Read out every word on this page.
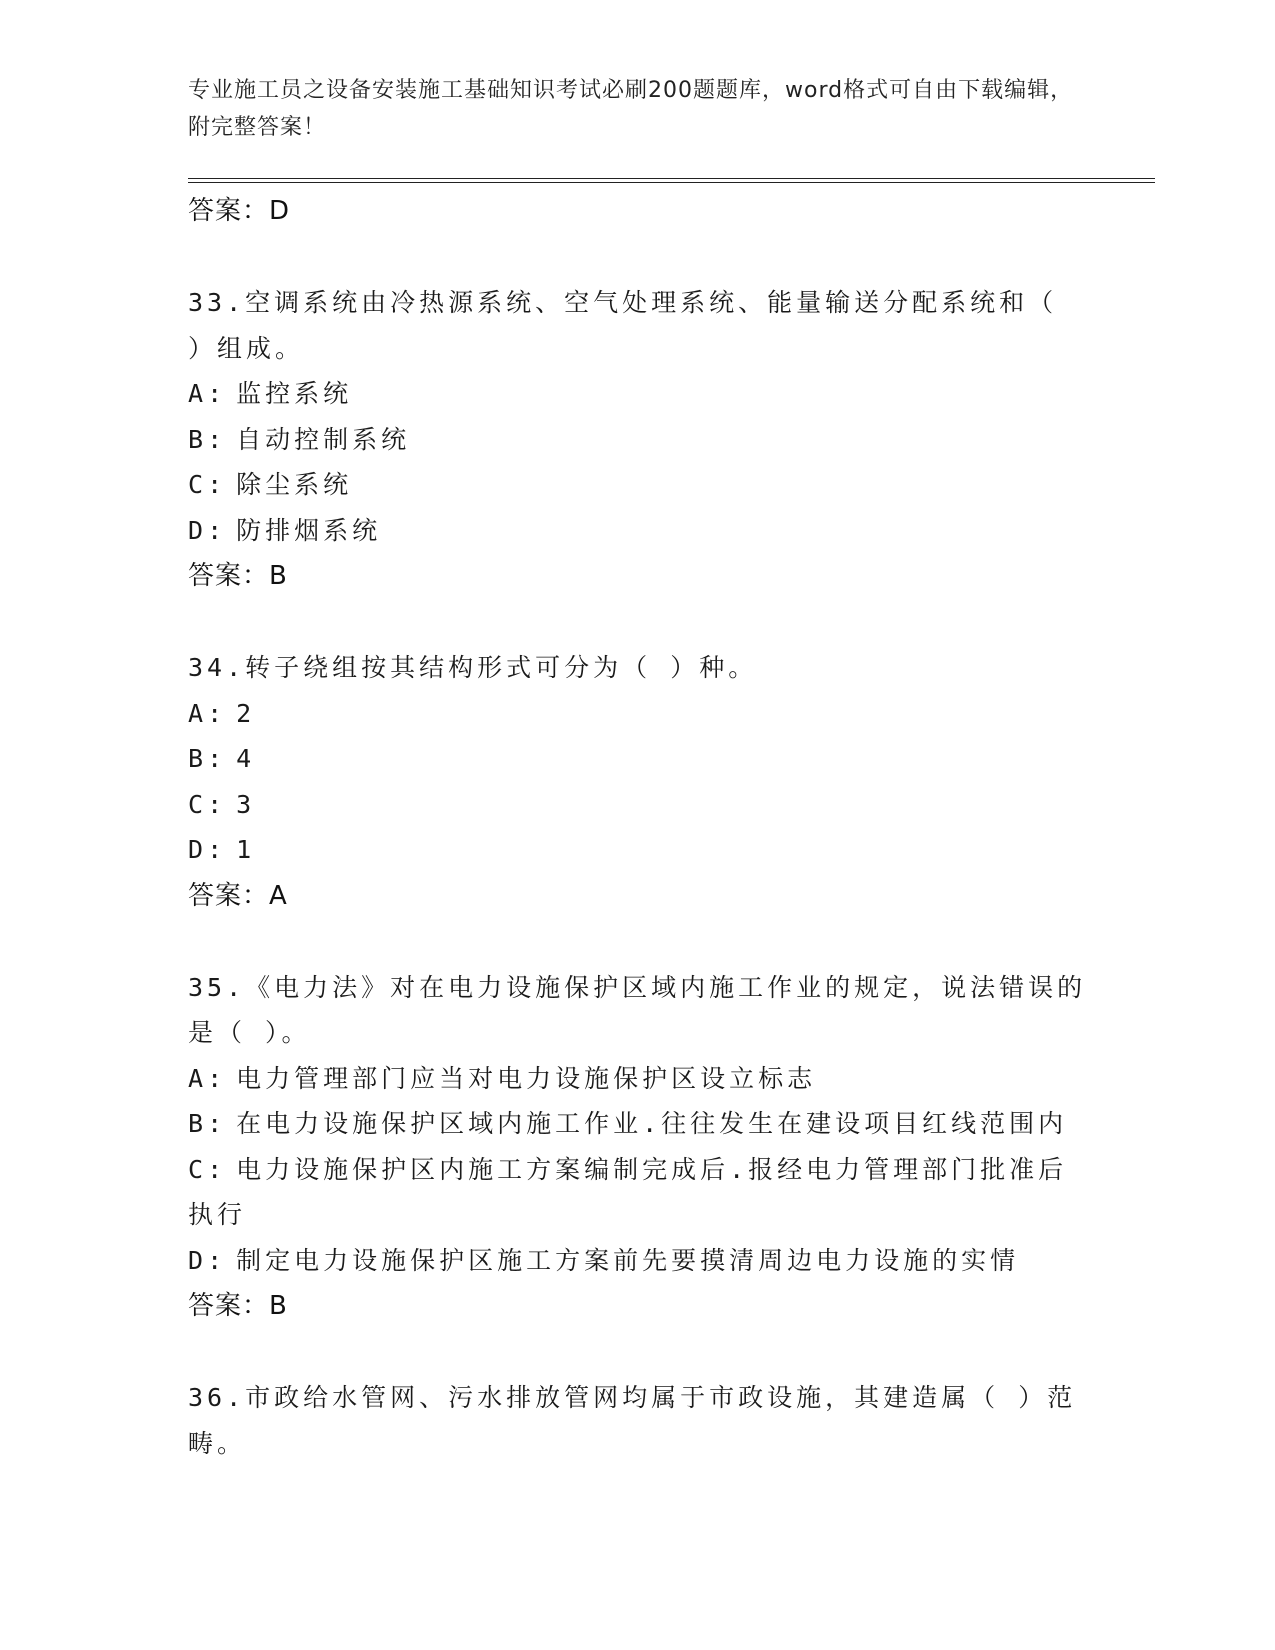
专业施工员之设备安装施工基础知识考试必刷200题题库，word格式可自由下载编辑，附完整答案！
答案：D
33.空调系统由冷热源系统、空气处理系统、能量输送分配系统和（ ）组成。
A : 监控系统
B : 自动控制系统
C : 除尘系统
D : 防排烟系统
答案：B
34.转子绕组按其结构形式可分为（ ）种。
A : 2
B : 4
C : 3
D : 1
答案：A
35.《电力法》对在电力设施保护区域内施工作业的规定，说法错误的是（ ）。
A : 电力管理部门应当对电力设施保护区设立标志
B : 在电力设施保护区域内施工作业.往往发生在建设项目红线范围内
C : 电力设施保护区内施工方案编制完成后.报经电力管理部门批准后执行
D : 制定电力设施保护区施工方案前先要摸清周边电力设施的实情
答案：B
36.市政给水管网、污水排放管网均属于市政设施，其建造属（ ）范畴。
